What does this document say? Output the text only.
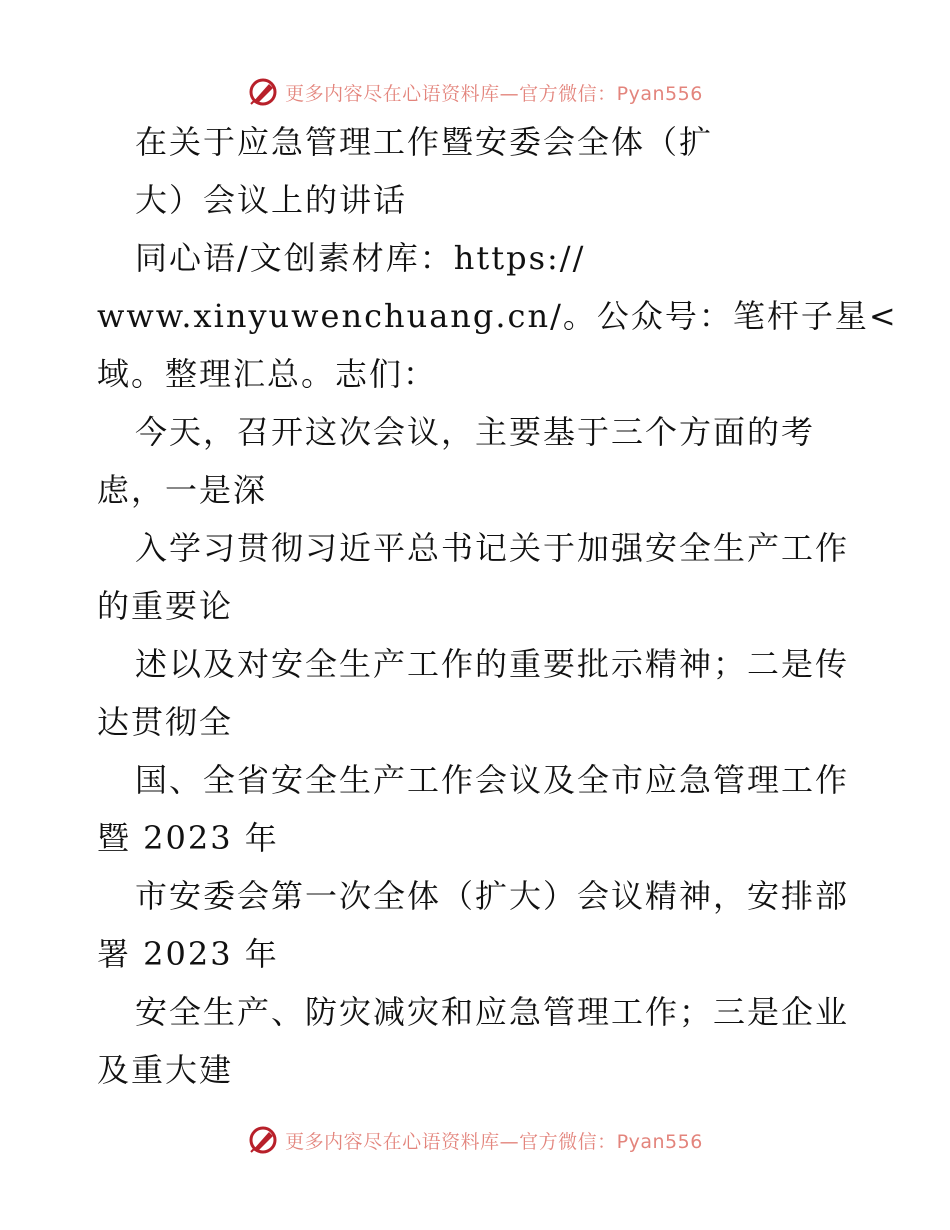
更多内容尽在心语资料库—官方微信：Pyan556
在关于应急管理工作暨安委会全体（扩
大）会议上的讲话
同心语/文创素材库：https://
www.xinyuwenchuang.cn/。公众号：笔杆子星<
域。整理汇总。志们：
今天，召开这次会议，主要基于三个方面的考
虑，一是深
入学习贯彻习近平总书记关于加强安全生产工作
的重要论
述以及对安全生产工作的重要批示精神；二是传
达贯彻全
国、全省安全生产工作会议及全市应急管理工作
暨 2023 年
市安委会第一次全体（扩大）会议精神，安排部
署 2023 年
安全生产、防灾减灾和应急管理工作；三是企业
及重大建
更多内容尽在心语资料库—官方微信：Pyan556
